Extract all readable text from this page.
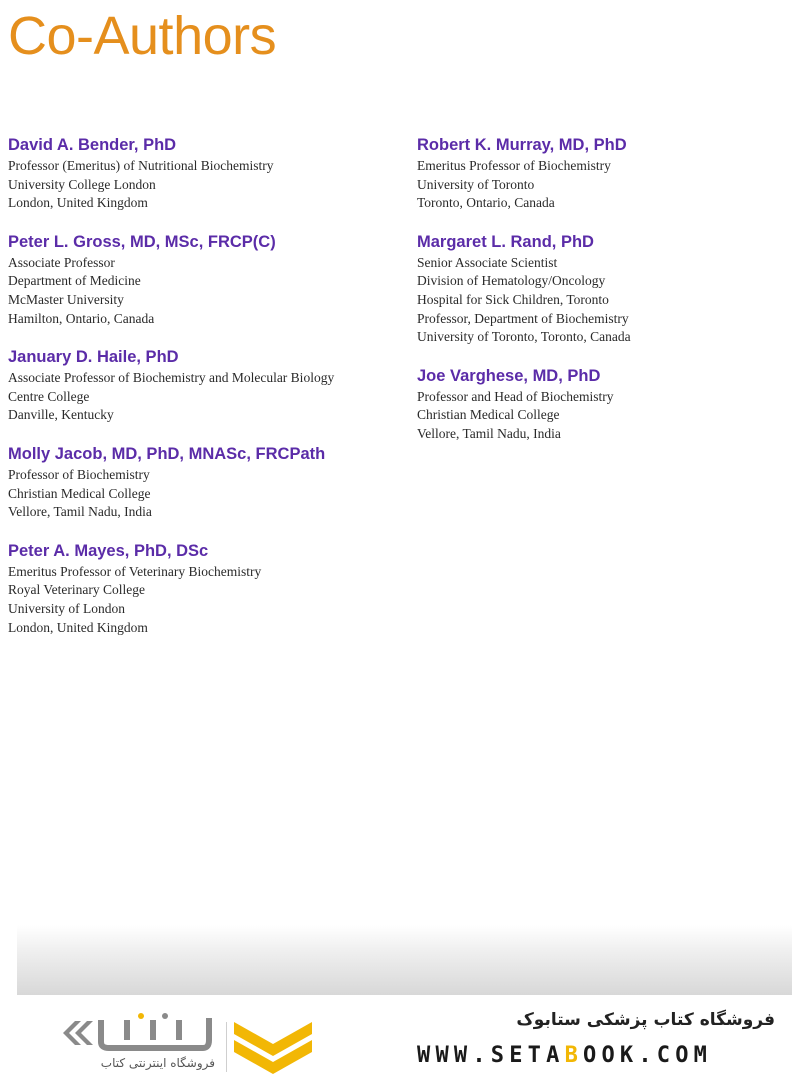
Co-Authors
David A. Bender, PhD
Professor (Emeritus) of Nutritional Biochemistry
University College London
London, United Kingdom
Peter L. Gross, MD, MSc, FRCP(C)
Associate Professor
Department of Medicine
McMaster University
Hamilton, Ontario, Canada
January D. Haile, PhD
Associate Professor of Biochemistry and Molecular Biology
Centre College
Danville, Kentucky
Molly Jacob, MD, PhD, MNASc, FRCPath
Professor of Biochemistry
Christian Medical College
Vellore, Tamil Nadu, India
Peter A. Mayes, PhD, DSc
Emeritus Professor of Veterinary Biochemistry
Royal Veterinary College
University of London
London, United Kingdom
Robert K. Murray, MD, PhD
Emeritus Professor of Biochemistry
University of Toronto
Toronto, Ontario, Canada
Margaret L. Rand, PhD
Senior Associate Scientist
Division of Hematology/Oncology
Hospital for Sick Children, Toronto
Professor, Department of Biochemistry
University of Toronto, Toronto, Canada
Joe Varghese, MD, PhD
Professor and Head of Biochemistry
Christian Medical College
Vellore, Tamil Nadu, India
فروشگاه اینترنتی کتاب
فروشگاه کتاب پزشکی ستابوک
WWW.SETABOOK.COM
